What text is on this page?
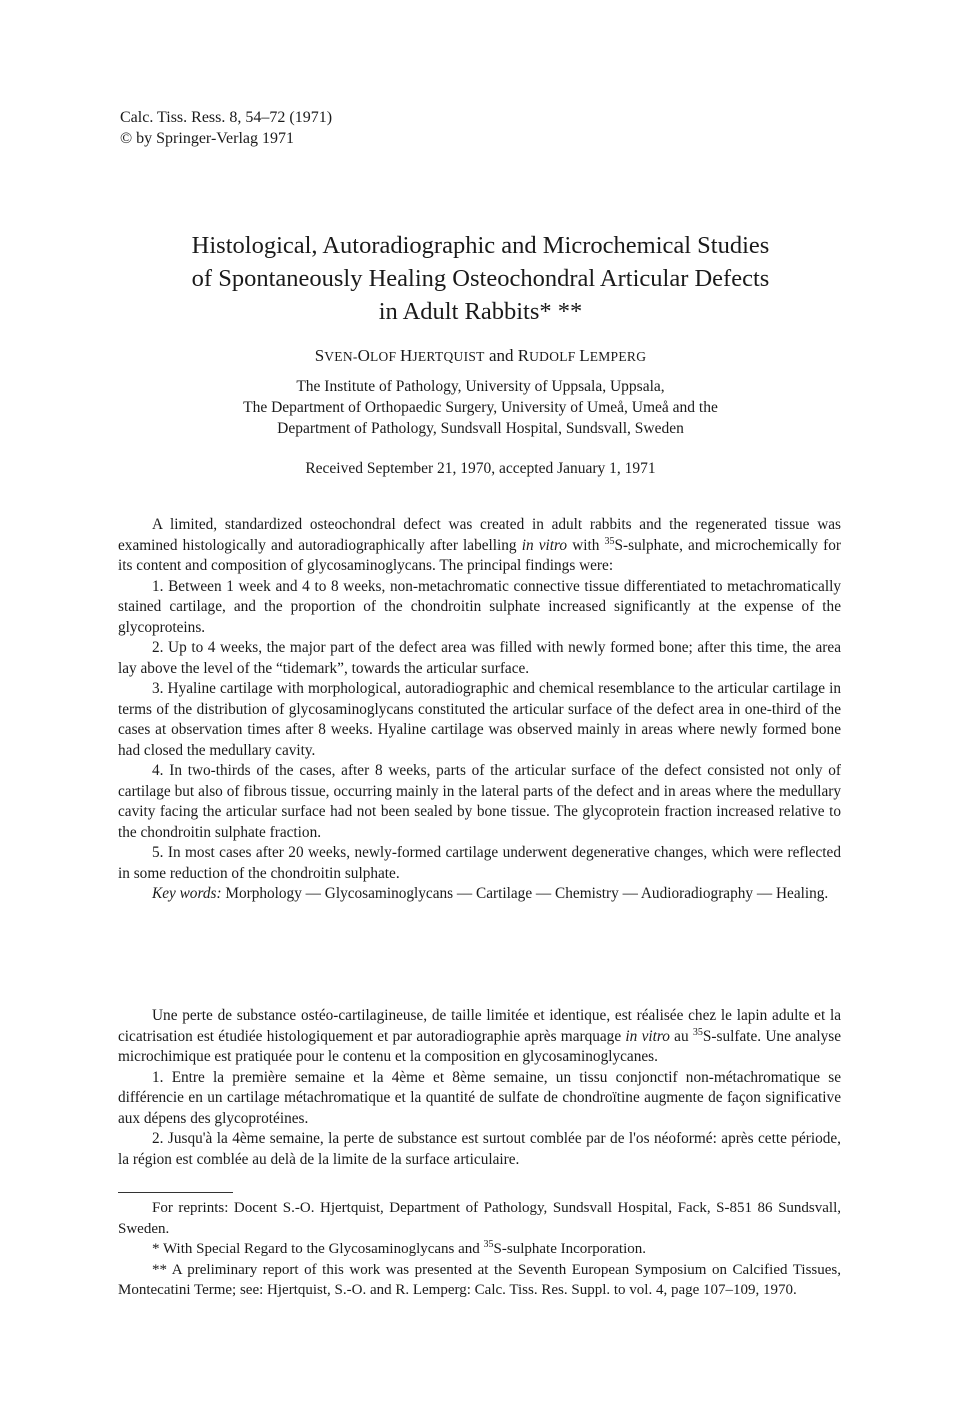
Calc. Tiss. Ress. 8, 54–72 (1971)
© by Springer-Verlag 1971
Histological, Autoradiographic and Microchemical Studies
of Spontaneously Healing Osteochondral Articular Defects
in Adult Rabbits* **
SVEN-OLOF HJERTQUIST and RUDOLF LEMPERG
The Institute of Pathology, University of Uppsala, Uppsala,
The Department of Orthopaedic Surgery, University of Umeå, Umeå and the
Department of Pathology, Sundsvall Hospital, Sundsvall, Sweden
Received September 21, 1970, accepted January 1, 1971

A limited, standardized osteochondral defect was created in adult rabbits and the regenerated tissue was examined histologically and autoradiographically after labelling in vitro with $^{35}$S-sulphate, and microchemically for its content and composition of glycosaminoglycans. The principal findings were:

1. Between 1 week and 4 to 8 weeks, non-metachromatic connective tissue differentiated to metachromatically stained cartilage, and the proportion of the chondroitin sulphate increased significantly at the expense of the glycoproteins.

2. Up to 4 weeks, the major part of the defect area was filled with newly formed bone; after this time, the area lay above the level of the “tidemark”, towards the articular surface.

3. Hyaline cartilage with morphological, autoradiographic and chemical resemblance to the articular cartilage in terms of the distribution of glycosaminoglycans constituted the articular surface of the defect area in one-third of the cases at observation times after 8 weeks. Hyaline cartilage was observed mainly in areas where newly formed bone had closed the medullary cavity.

4. In two-thirds of the cases, after 8 weeks, parts of the articular surface of the defect consisted not only of cartilage but also of fibrous tissue, occurring mainly in the lateral parts of the defect and in areas where the medullary cavity facing the articular surface had not been sealed by bone tissue. The glycoprotein fraction increased relative to the chondroitin sulphate fraction.

5. In most cases after 20 weeks, newly-formed cartilage underwent degenerative changes, which were reflected in some reduction of the chondroitin sulphate.

Key words: Morphology — Glycosaminoglycans — Cartilage — Chemistry — Audioradiography — Healing.

Une perte de substance ostéo-cartilagineuse, de taille limitée et identique, est réalisée chez le lapin adulte et la cicatrisation est étudiée histologiquement et par autoradiographie après marquage in vitro au $^{35}$S-sulfate. Une analyse microchimique est pratiquée pour le contenu et la composition en glycosaminoglycanes.

1. Entre la première semaine et la 4ème et 8ème semaine, un tissu conjonctif non-métachromatique se différencie en un cartilage métachromatique et la quantité de sulfate de chondroïtine augmente de façon significative aux dépens des glycoprotéines.

2. Jusqu'à la 4ème semaine, la perte de substance est surtout comblée par de l'os néoformé: après cette période, la région est comblée au delà de la limite de la surface articulaire.

For reprints: Docent S.-O. Hjertquist, Department of Pathology, Sundsvall Hospital, Fack, S-851 86 Sundsvall, Sweden.

* With Special Regard to the Glycosaminoglycans and $^{35}$S-sulphate Incorporation.

** A preliminary report of this work was presented at the Seventh European Symposium on Calcified Tissues, Montecatini Terme; see: Hjertquist, S.-O. and R. Lemperg: Calc. Tiss. Res. Suppl. to vol. 4, page 107–109, 1970.
